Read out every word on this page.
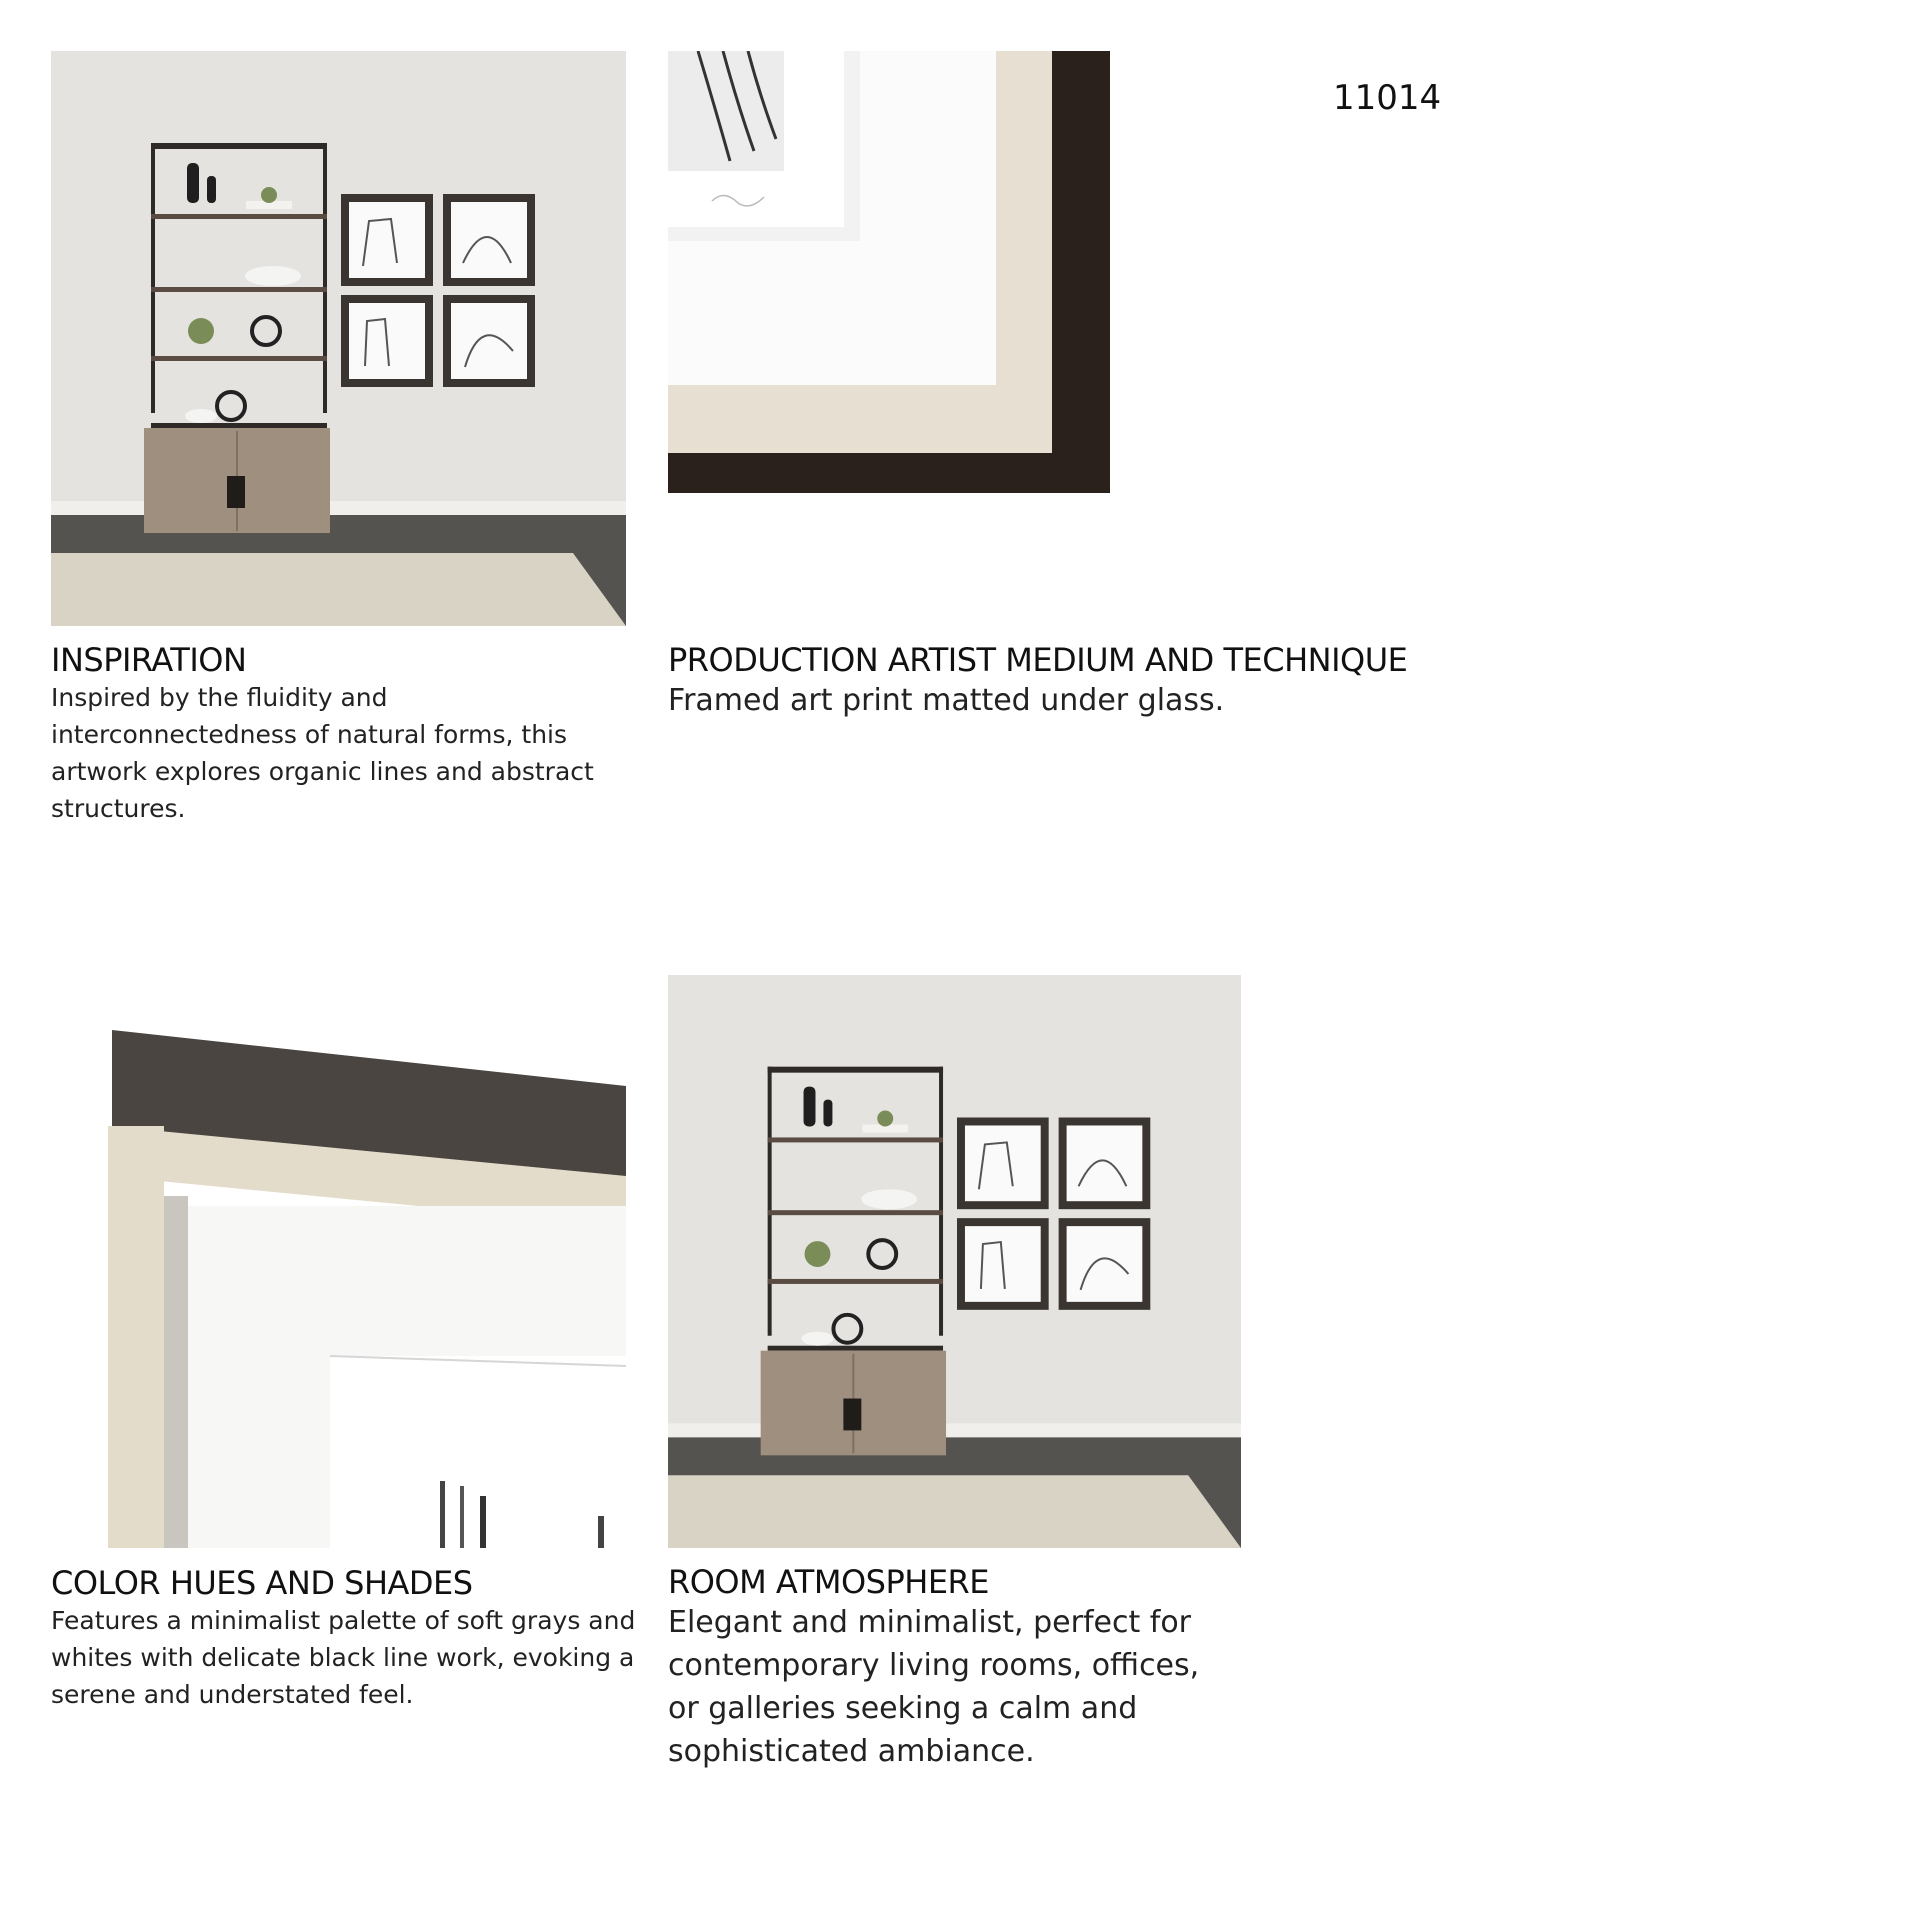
11014
INSPIRATION

Inspired by the fluidity and interconnectedness of natural forms, this artwork explores organic lines and abstract structures.

PRODUCTION ARTIST MEDIUM AND TECHNIQUE

Framed art print matted under glass.

COLOR HUES AND SHADES

Features a minimalist palette of soft grays and whites with delicate black line work, evoking a serene and understated feel.

ROOM ATMOSPHERE

Elegant and minimalist, perfect for contemporary living rooms, offices, or galleries seeking a calm and sophisticated ambiance.
